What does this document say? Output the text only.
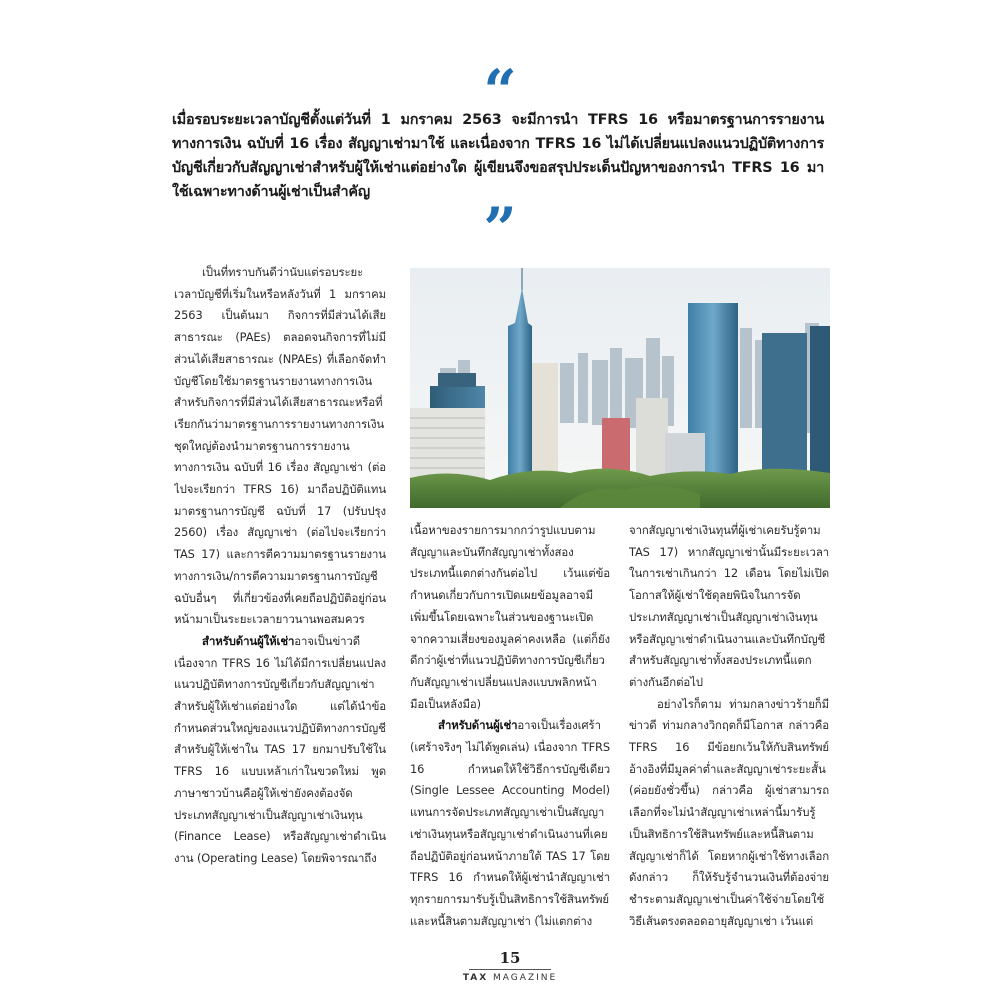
“
เมื่อรอบระยะเวลาบัญชีตั้งแต่วันที่ 1 มกราคม 2563 จะมีการนำ TFRS 16 หรือมาตรฐานการรายงานทางการเงิน ฉบับที่ 16 เรื่อง สัญญาเช่ามาใช้ และเนื่องจาก TFRS 16 ไม่ได้เปลี่ยนแปลงแนวปฏิบัติทางการบัญชีเกี่ยวกับสัญญาเช่าสำหรับผู้ให้เช่าแต่อย่างใด ผู้เขียนจึงขอสรุปประเด็นปัญหาของการนำ TFRS 16 มาใช้เฉพาะทางด้านผู้เช่าเป็นสำคัญ
”

เป็นที่ทราบกันดีว่านับแต่รอบระยะเวลาบัญชีที่เริ่มในหรือหลังวันที่ 1 มกราคม 2563 เป็นต้นมา กิจการที่มีส่วนได้เสียสาธารณะ (PAEs) ตลอดจนกิจการที่ไม่มีส่วนได้เสียสาธารณะ (NPAEs) ที่เลือกจัดทำบัญชีโดยใช้มาตรฐานรายงานทางการเงินสำหรับกิจการที่มีส่วนได้เสียสาธารณะหรือที่เรียกกันว่ามาตรฐานการรายงานทางการเงินชุดใหญ่ต้องนำมาตรฐานการรายงานทางการเงิน ฉบับที่ 16 เรื่อง สัญญาเช่า (ต่อไปจะเรียกว่า TFRS 16) มาถือปฏิบัติแทนมาตรฐานการบัญชี ฉบับที่ 17 (ปรับปรุง 2560) เรื่อง สัญญาเช่า (ต่อไปจะเรียกว่า TAS 17) และการตีความมาตรฐานรายงานทางการเงิน/การตีความมาตรฐานการบัญชีฉบับอื่นๆ ที่เกี่ยวข้องที่เคยถือปฏิบัติอยู่ก่อนหน้ามาเป็นระยะเวลายาวนานพอสมควร

สำหรับด้านผู้ให้เช่าอาจเป็นข่าวดี เนื่องจาก TFRS 16 ไม่ได้มีการเปลี่ยนแปลงแนวปฏิบัติทางการบัญชีเกี่ยวกับสัญญาเช่าสำหรับผู้ให้เช่าแต่อย่างใด แต่ได้นำข้อกำหนดส่วนใหญ่ของแนวปฏิบัติทางการบัญชีสำหรับผู้ให้เช่าใน TAS 17 ยกมาปรับใช้ใน TFRS 16 แบบเหล้าเก่าในขวดใหม่ พูดภาษาชาวบ้านคือผู้ให้เช่ายังคงต้องจัดประเภทสัญญาเช่าเป็นสัญญาเช่าเงินทุน (Finance Lease) หรือสัญญาเช่าดำเนินงาน (Operating Lease) โดยพิจารณาถึง

เนื้อหาของรายการมากกว่ารูปแบบตามสัญญาและบันทึกสัญญาเช่าทั้งสองประเภทนี้แตกต่างกันต่อไป เว้นแต่ข้อกำหนดเกี่ยวกับการเปิดเผยข้อมูลอาจมีเพิ่มขึ้นโดยเฉพาะในส่วนของฐานะเปิดจากความเสี่ยงของมูลค่าคงเหลือ (แต่ก็ยังดีกว่าผู้เช่าที่แนวปฏิบัติทางการบัญชีเกี่ยวกับสัญญาเช่าเปลี่ยนแปลงแบบพลิกหน้ามือเป็นหลังมือ)

สำหรับด้านผู้เช่าอาจเป็นเรื่องเศร้า (เศร้าจริงๆ ไม่ได้พูดเล่น) เนื่องจาก TFRS 16 กำหนดให้ใช้วิธีการบัญชีเดียว (Single Lessee Accounting Model) แทนการจัดประเภทสัญญาเช่าเป็นสัญญาเช่าเงินทุนหรือสัญญาเช่าดำเนินงานที่เคยถือปฏิบัติอยู่ก่อนหน้าภายใต้ TAS 17 โดย TFRS 16 กำหนดให้ผู้เช่านำสัญญาเช่าทุกรายการมารับรู้เป็นสิทธิการใช้สินทรัพย์และหนี้สินตามสัญญาเช่า (ไม่แตกต่าง

จากสัญญาเช่าเงินทุนที่ผู้เช่าเคยรับรู้ตาม TAS 17) หากสัญญาเช่านั้นมีระยะเวลาในการเช่าเกินกว่า 12 เดือน โดยไม่เปิดโอกาสให้ผู้เช่าใช้ดุลยพินิจในการจัดประเภทสัญญาเช่าเป็นสัญญาเช่าเงินทุนหรือสัญญาเช่าดำเนินงานและบันทึกบัญชีสำหรับสัญญาเช่าทั้งสองประเภทนี้แตกต่างกันอีกต่อไป

อย่างไรก็ตาม ท่ามกลางข่าวร้ายก็มีข่าวดี ท่ามกลางวิกฤตก็มีโอกาส กล่าวคือ TFRS 16 มีข้อยกเว้นให้กับสินทรัพย์อ้างอิงที่มีมูลค่าต่ำและสัญญาเช่าระยะสั้น (ค่อยยังชั่วขึ้น) กล่าวคือ ผู้เช่าสามารถเลือกที่จะไม่นำสัญญาเช่าเหล่านี้มารับรู้เป็นสิทธิการใช้สินทรัพย์และหนี้สินตามสัญญาเช่าก็ได้ โดยหากผู้เช่าใช้ทางเลือกดังกล่าว ก็ให้รับรู้จำนวนเงินที่ต้องจ่ายชำระตามสัญญาเช่าเป็นค่าใช้จ่ายโดยใช้วิธีเส้นตรงตลอดอายุสัญญาเช่า เว้นแต่

15
TAX MAGAZINE
